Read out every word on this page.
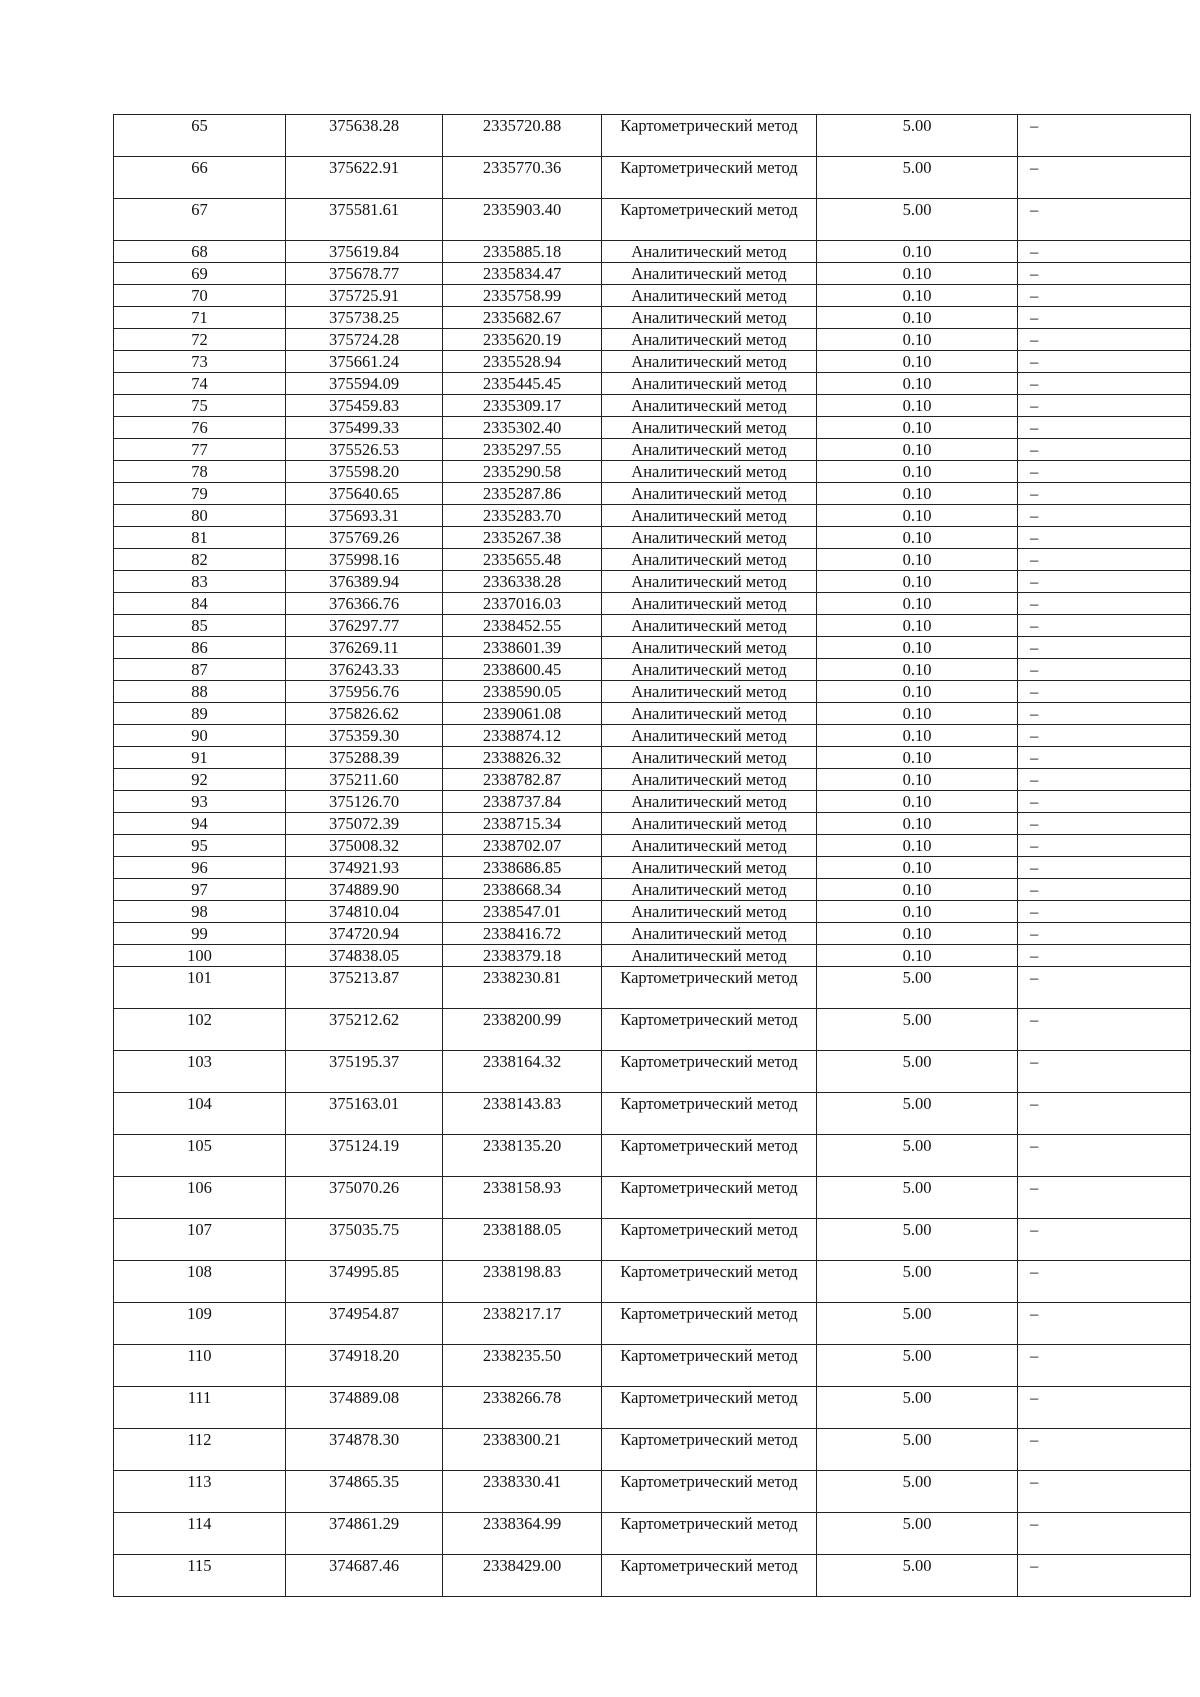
65	375638.28	2335720.88	Картометрический метод	5.00	–
66	375622.91	2335770.36	Картометрический метод	5.00	–
67	375581.61	2335903.40	Картометрический метод	5.00	–
68	375619.84	2335885.18	Аналитический метод	0.10	–
69	375678.77	2335834.47	Аналитический метод	0.10	–
70	375725.91	2335758.99	Аналитический метод	0.10	–
71	375738.25	2335682.67	Аналитический метод	0.10	–
72	375724.28	2335620.19	Аналитический метод	0.10	–
73	375661.24	2335528.94	Аналитический метод	0.10	–
74	375594.09	2335445.45	Аналитический метод	0.10	–
75	375459.83	2335309.17	Аналитический метод	0.10	–
76	375499.33	2335302.40	Аналитический метод	0.10	–
77	375526.53	2335297.55	Аналитический метод	0.10	–
78	375598.20	2335290.58	Аналитический метод	0.10	–
79	375640.65	2335287.86	Аналитический метод	0.10	–
80	375693.31	2335283.70	Аналитический метод	0.10	–
81	375769.26	2335267.38	Аналитический метод	0.10	–
82	375998.16	2335655.48	Аналитический метод	0.10	–
83	376389.94	2336338.28	Аналитический метод	0.10	–
84	376366.76	2337016.03	Аналитический метод	0.10	–
85	376297.77	2338452.55	Аналитический метод	0.10	–
86	376269.11	2338601.39	Аналитический метод	0.10	–
87	376243.33	2338600.45	Аналитический метод	0.10	–
88	375956.76	2338590.05	Аналитический метод	0.10	–
89	375826.62	2339061.08	Аналитический метод	0.10	–
90	375359.30	2338874.12	Аналитический метод	0.10	–
91	375288.39	2338826.32	Аналитический метод	0.10	–
92	375211.60	2338782.87	Аналитический метод	0.10	–
93	375126.70	2338737.84	Аналитический метод	0.10	–
94	375072.39	2338715.34	Аналитический метод	0.10	–
95	375008.32	2338702.07	Аналитический метод	0.10	–
96	374921.93	2338686.85	Аналитический метод	0.10	–
97	374889.90	2338668.34	Аналитический метод	0.10	–
98	374810.04	2338547.01	Аналитический метод	0.10	–
99	374720.94	2338416.72	Аналитический метод	0.10	–
100	374838.05	2338379.18	Аналитический метод	0.10	–
101	375213.87	2338230.81	Картометрический метод	5.00	–
102	375212.62	2338200.99	Картометрический метод	5.00	–
103	375195.37	2338164.32	Картометрический метод	5.00	–
104	375163.01	2338143.83	Картометрический метод	5.00	–
105	375124.19	2338135.20	Картометрический метод	5.00	–
106	375070.26	2338158.93	Картометрический метод	5.00	–
107	375035.75	2338188.05	Картометрический метод	5.00	–
108	374995.85	2338198.83	Картометрический метод	5.00	–
109	374954.87	2338217.17	Картометрический метод	5.00	–
110	374918.20	2338235.50	Картометрический метод	5.00	–
111	374889.08	2338266.78	Картометрический метод	5.00	–
112	374878.30	2338300.21	Картометрический метод	5.00	–
113	374865.35	2338330.41	Картометрический метод	5.00	–
114	374861.29	2338364.99	Картометрический метод	5.00	–
115	374687.46	2338429.00	Картометрический метод	5.00	–
